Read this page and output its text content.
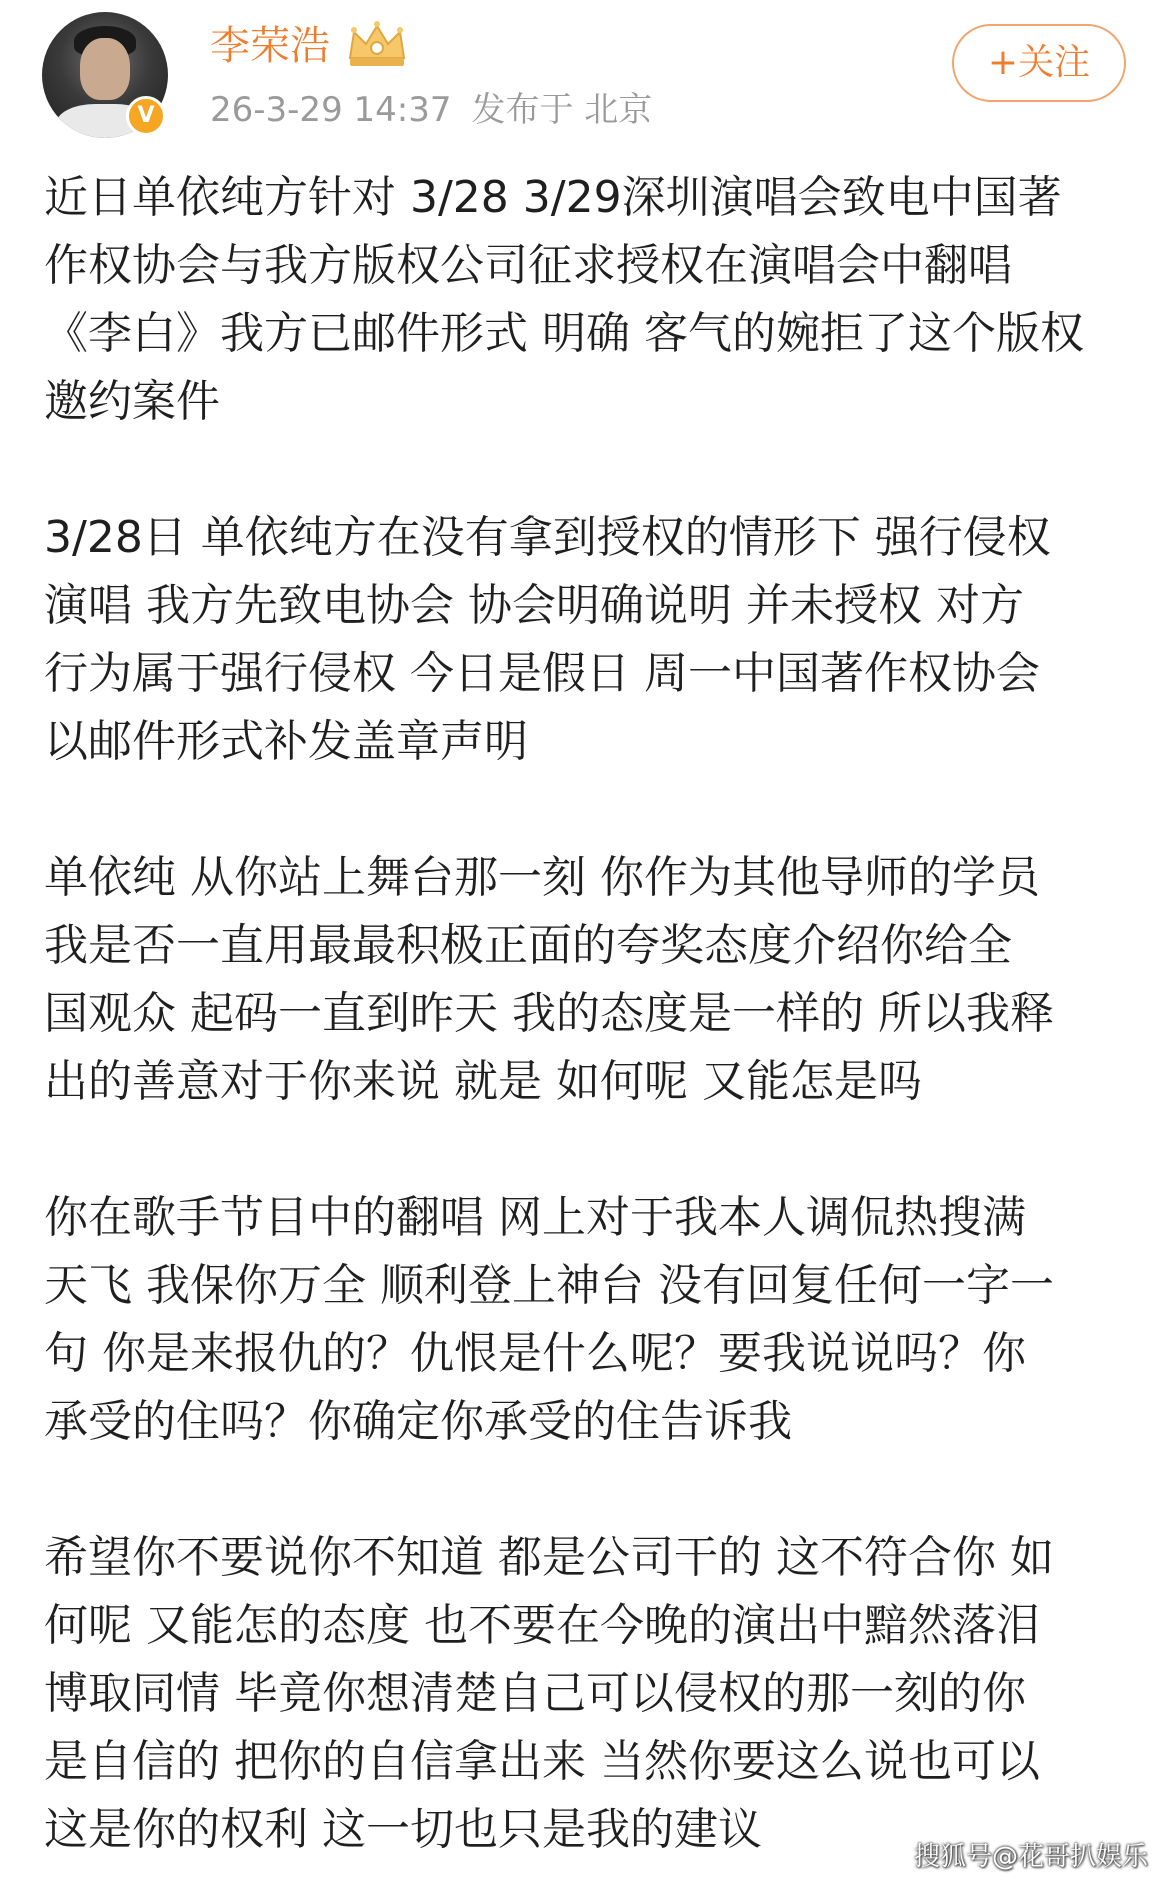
V
李荣浩
26-3-29 14:37 发布于 北京
+关注

近日单依纯方针对 3/28 3/29深圳演唱会致电中国著
作权协会与我方版权公司征求授权在演唱会中翻唱
《李白》我方已邮件形式 明确 客气的婉拒了这个版权
邀约案件

3/28日 单依纯方在没有拿到授权的情形下 强行侵权
演唱 我方先致电协会 协会明确说明 并未授权 对方
行为属于强行侵权 今日是假日 周一中国著作权协会
以邮件形式补发盖章声明

单依纯 从你站上舞台那一刻 你作为其他导师的学员
我是否一直用最最积极正面的夸奖态度介绍你给全
国观众 起码一直到昨天 我的态度是一样的 所以我释
出的善意对于你来说 就是 如何呢 又能怎是吗

你在歌手节目中的翻唱 网上对于我本人调侃热搜满
天飞 我保你万全 顺利登上神台 没有回复任何一字一
句 你是来报仇的？仇恨是什么呢？要我说说吗？你
承受的住吗？你确定你承受的住告诉我

希望你不要说你不知道 都是公司干的 这不符合你 如
何呢 又能怎的态度 也不要在今晚的演出中黯然落泪
博取同情 毕竟你想清楚自己可以侵权的那一刻的你
是自信的 把你的自信拿出来 当然你要这么说也可以
这是你的权利 这一切也只是我的建议

搜狐号@花哥扒娱乐
